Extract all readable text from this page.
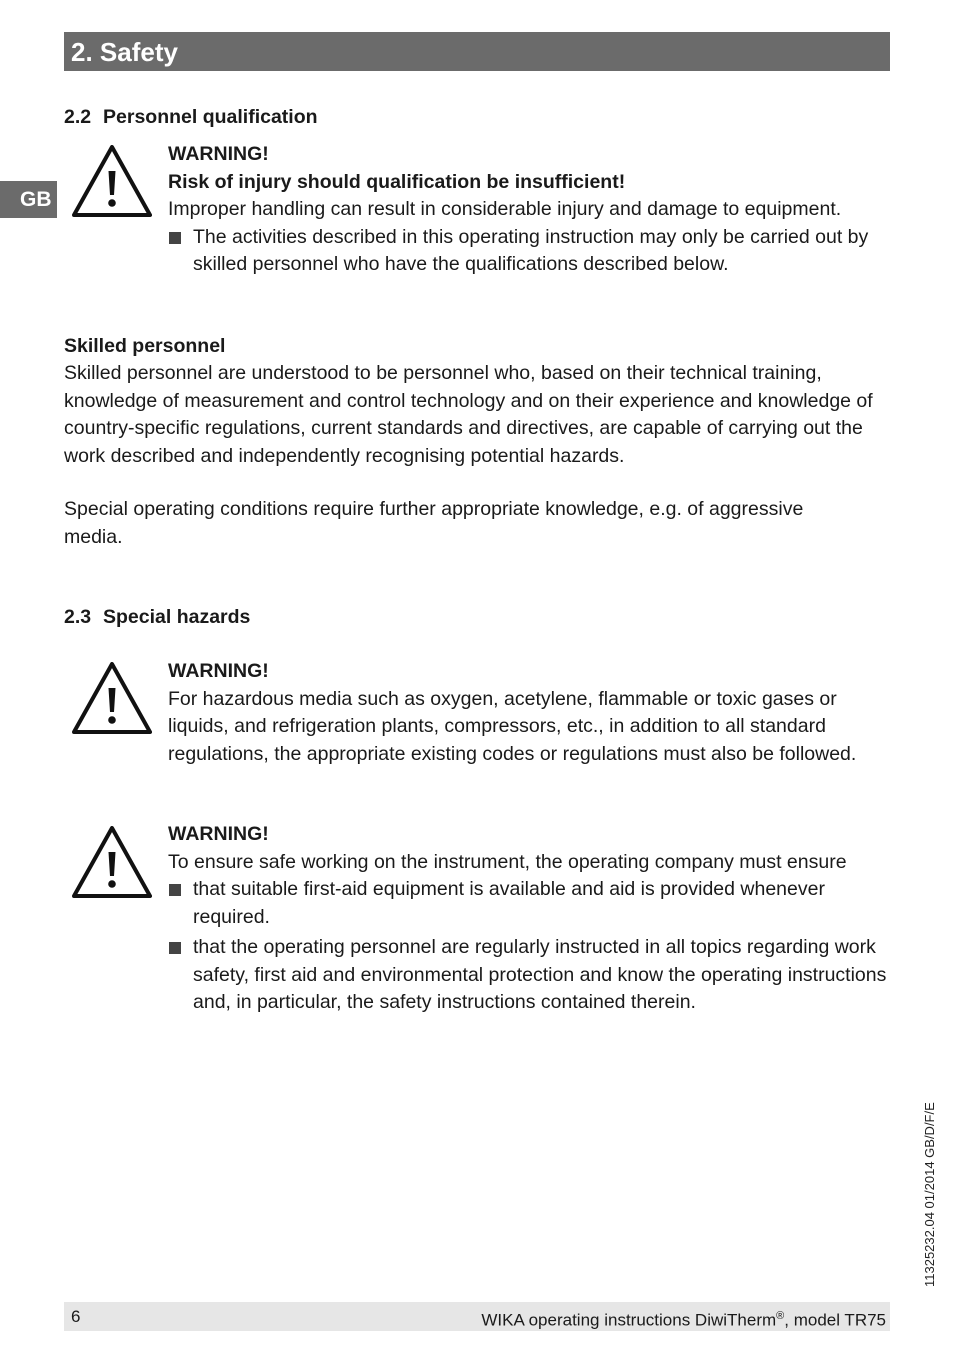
2. Safety
GB
2.2 Personnel qualification
WARNING!
Risk of injury should qualification be insufficient!
Improper handling can result in considerable injury and damage to equipment.
The activities described in this operating instruction may only be carried out by skilled personnel who have the qualifications described below.
Skilled personnel
Skilled personnel are understood to be personnel who, based on their technical training, knowledge of measurement and control technology and on their experience and knowledge of country-specific regulations, current standards and directives, are capable of carrying out the work described and independently recognising potential hazards.
Special operating conditions require further appropriate knowledge, e.g. of aggressive media.
2.3 Special hazards
WARNING!
For hazardous media such as oxygen, acetylene, flammable or toxic gases or liquids, and refrigeration plants, compressors, etc., in addition to all standard regulations, the appropriate existing codes or regulations must also be followed.
WARNING!
To ensure safe working on the instrument, the operating company must ensure
that suitable first-aid equipment is available and aid is provided whenever required.
that the operating personnel are regularly instructed in all topics regarding work safety, first aid and environmental protection and know the operating instructions and, in particular, the safety instructions contained therein.
11325232.04 01/2014 GB/D/F/E
6	WIKA operating instructions DiwiTherm®, model TR75
